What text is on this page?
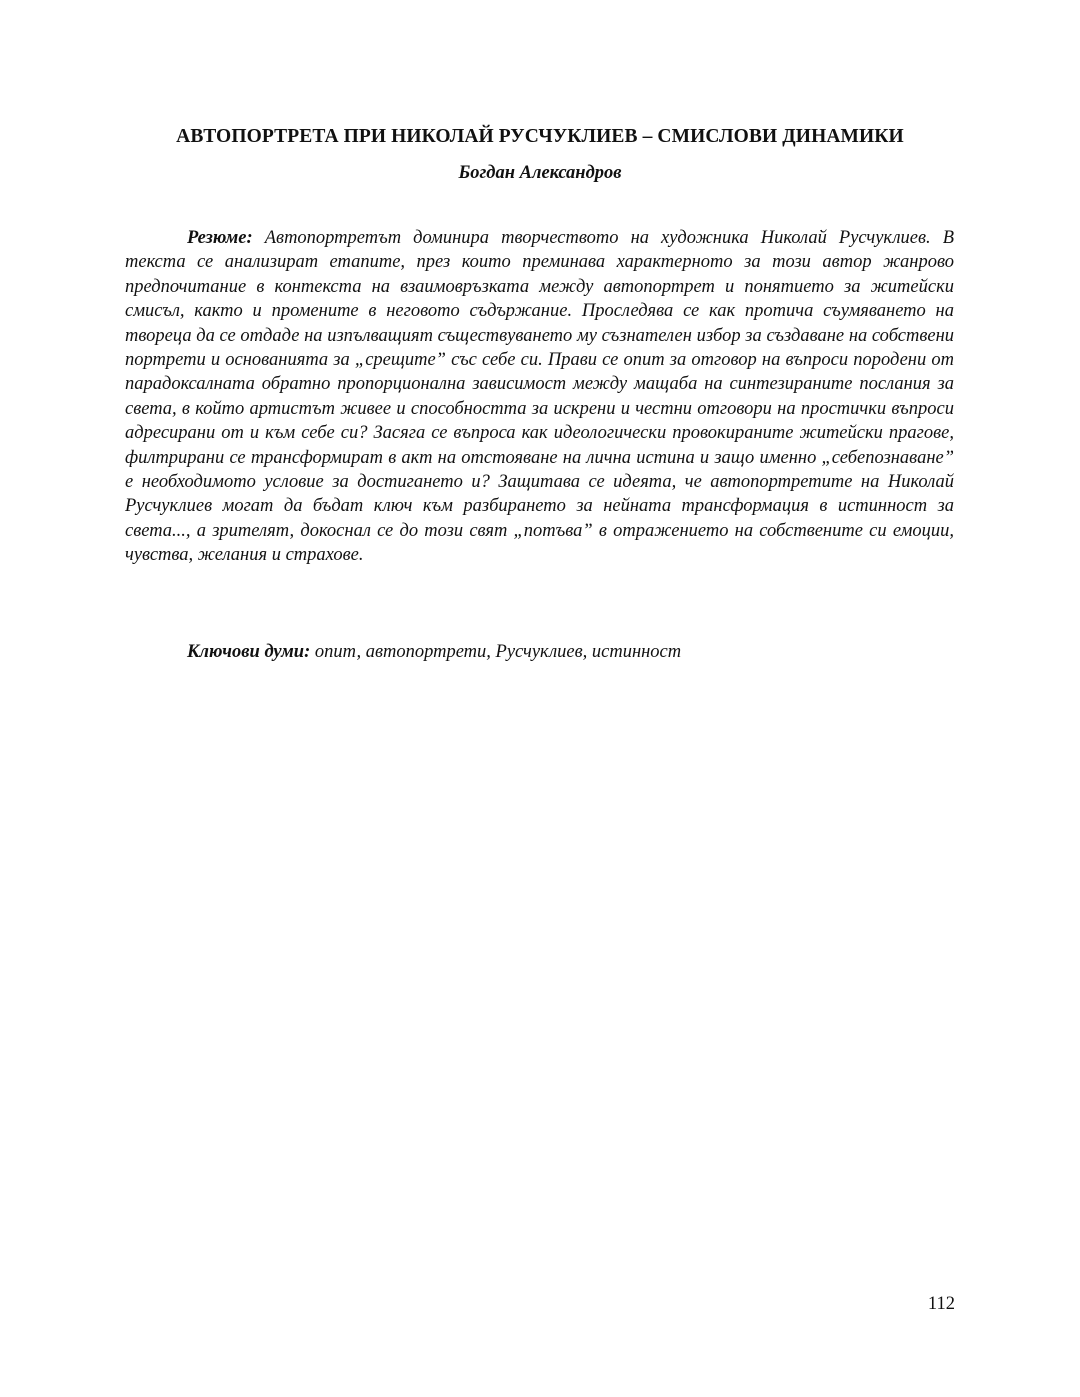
АВТОПОРТРЕТА ПРИ НИКОЛАЙ РУСЧУКЛИЕВ – СМИСЛОВИ ДИНАМИКИ

Богдан Александров

Резюме: Автопортретът доминира творчеството на художника Николай Русчуклиев. В текста се анализират етапите, през които преминава характерното за този автор жанрово предпочитание в контекста на взаимовръзката между автопортрет и понятието за житейски смисъл, както и промените в неговото съдържание. Проследява се как протича съумяването на твореца да се отдаде на изпълващият съществуването му съзнателен избор за създаване на собствени портрети и основанията за „срещите” със себе си. Прави се опит за отговор на въпроси породени от парадоксалната обратно пропорционална зависимост между мащаба на синтезираните послания за света, в който артистът живее и способността за искрени и честни отговори на простички въпроси адресирани от и към себе си? Засяга се въпроса как идеологически провокираните житейски прагове, филтрирани се трансформират в акт на отстояване на лична истина и защо именно „себепознаване” е необходимото условие за достигането и? Защитава се идеята, че автопортретите на Николай Русчуклиев могат да бъдат ключ към разбирането за нейната трансформация в истинност за света..., а зрителят, докоснал се до този свят „потъва” в отражението на собствените си емоции, чувства, желания и страхове.

Ключови думи: опит, автопортрети, Русчуклиев, истинност

112
